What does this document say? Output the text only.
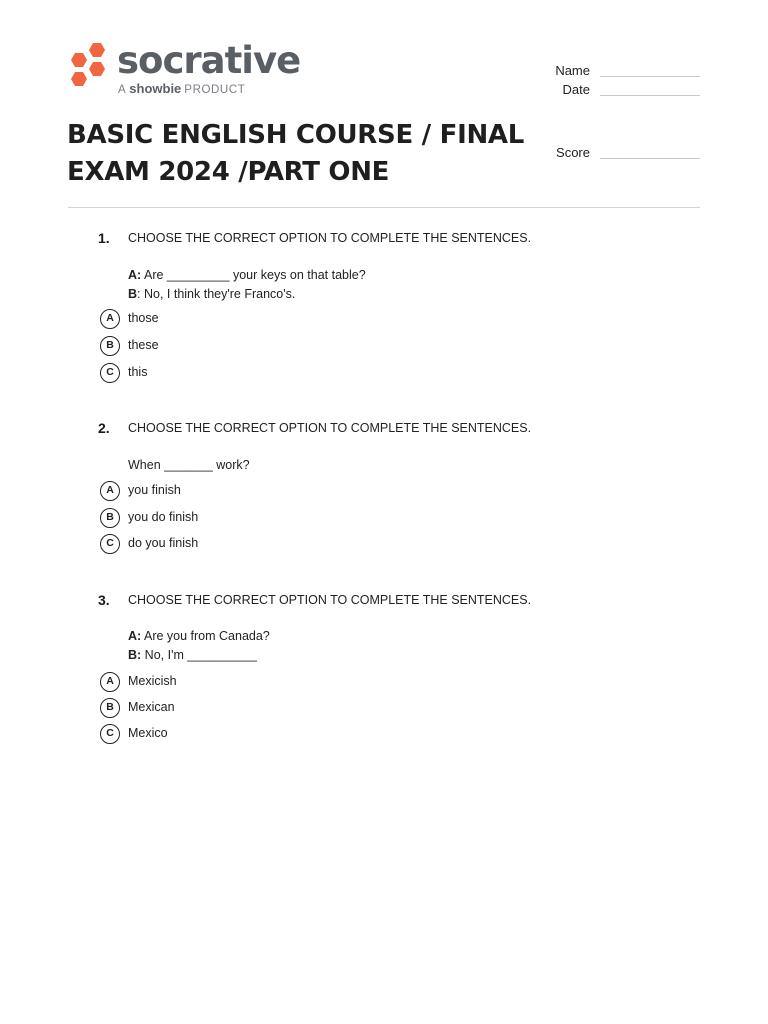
socrative
A showbie PRODUCT
Name
Date
Score
BASIC ENGLISH COURSE / FINAL EXAM 2024 /PART ONE
1.	CHOOSE THE CORRECT OPTION TO COMPLETE THE SENTENCES.
A: Are _________ your keys on that table?
B: No, I think they're Franco's.
A	those
B	these
C	this
2.	CHOOSE THE CORRECT OPTION TO COMPLETE THE SENTENCES.
When _______ work?
A	you finish
B	you do finish
C	do you finish
3.	CHOOSE THE CORRECT OPTION TO COMPLETE THE SENTENCES.
A: Are you from Canada?
B: No, I'm __________
A	Mexicish
B	Mexican
C	Mexico
